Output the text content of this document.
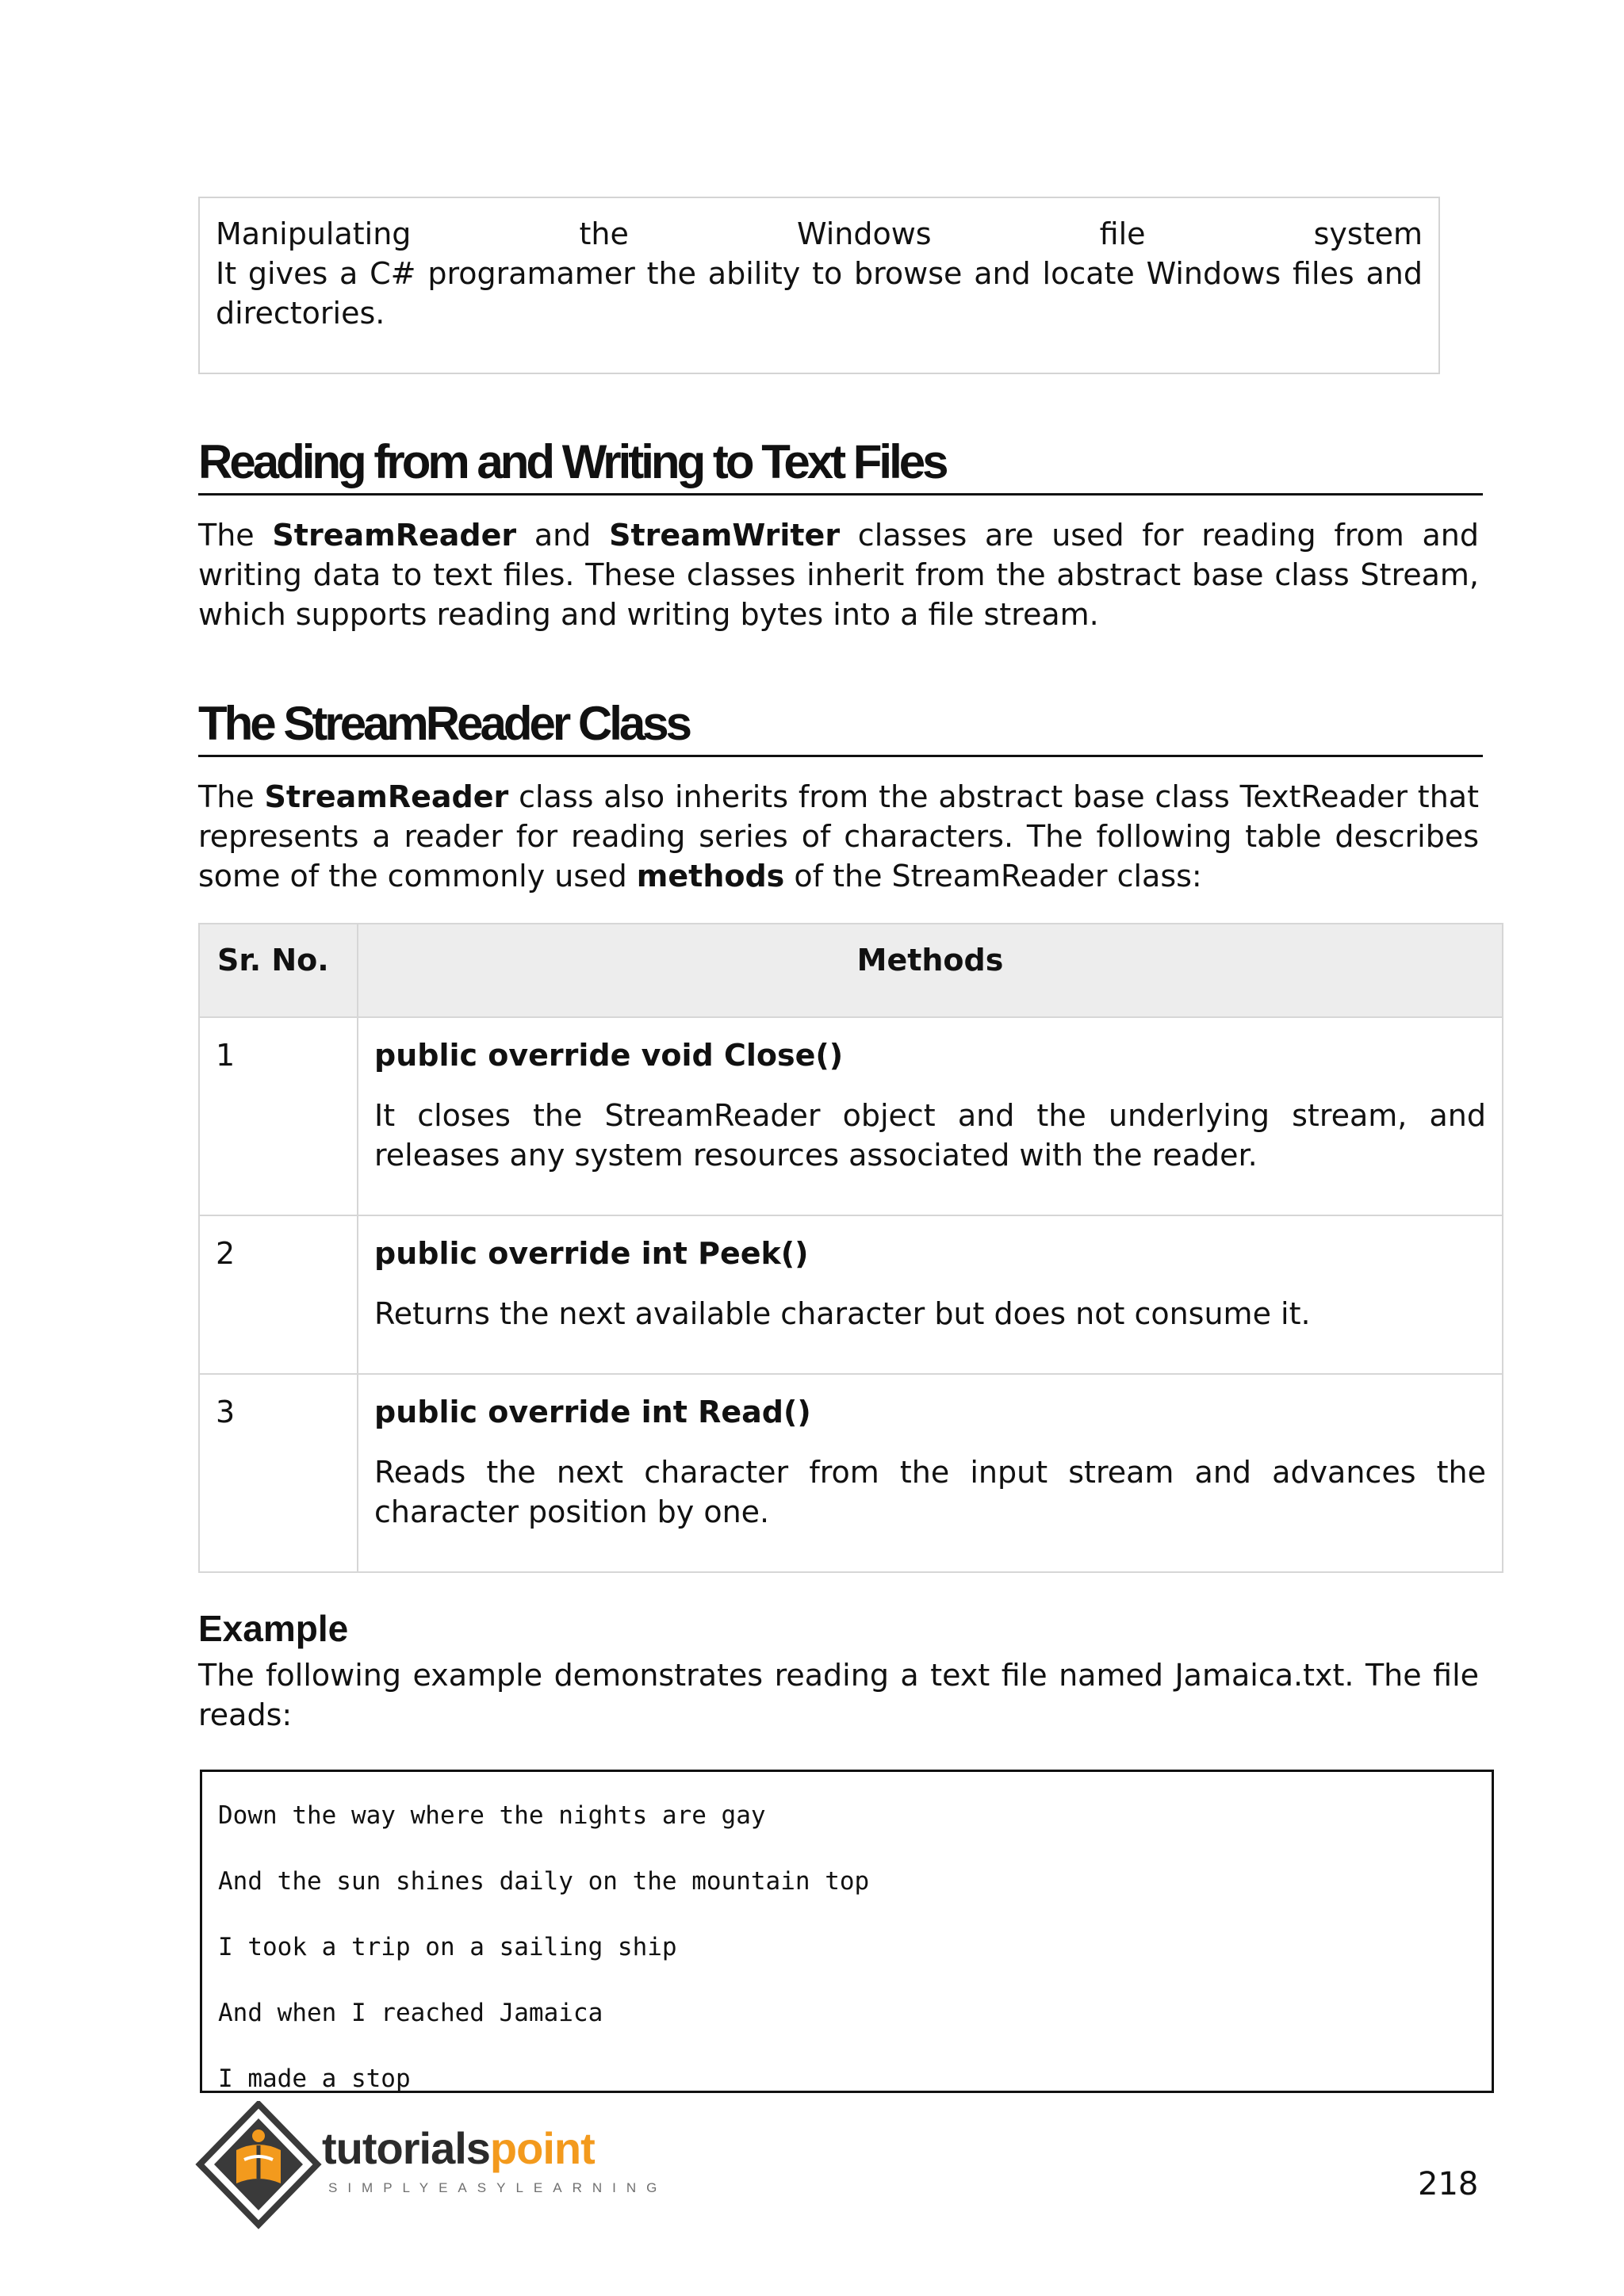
Manipulating the Windows file system

It gives a C# programamer the ability to browse and locate Windows files and directories.

Reading from and Writing to Text Files

The StreamReader and StreamWriter classes are used for reading from and writing data to text files. These classes inherit from the abstract base class Stream, which supports reading and writing bytes into a file stream.

The StreamReader Class

The StreamReader class also inherits from the abstract base class TextReader that represents a reader for reading series of characters. The following table describes some of the commonly used methods of the StreamReader class:

Sr. No.	Methods
1	public override void Close()

It closes the StreamReader object and the underlying stream, and releases any system resources associated with the reader.

2	public override int Peek()

Returns the next available character but does not consume it.

3	public override int Read()

Reads the next character from the input stream and advances the character position by one.

Example

The following example demonstrates reading a text file named Jamaica.txt. The file reads:

Down the way where the nights are gay

And the sun shines daily on the mountain top

I took a trip on a sailing ship

And when I reached Jamaica

I made a stop

tutorialspoint
SIMPLYEASYLEARNING	218
